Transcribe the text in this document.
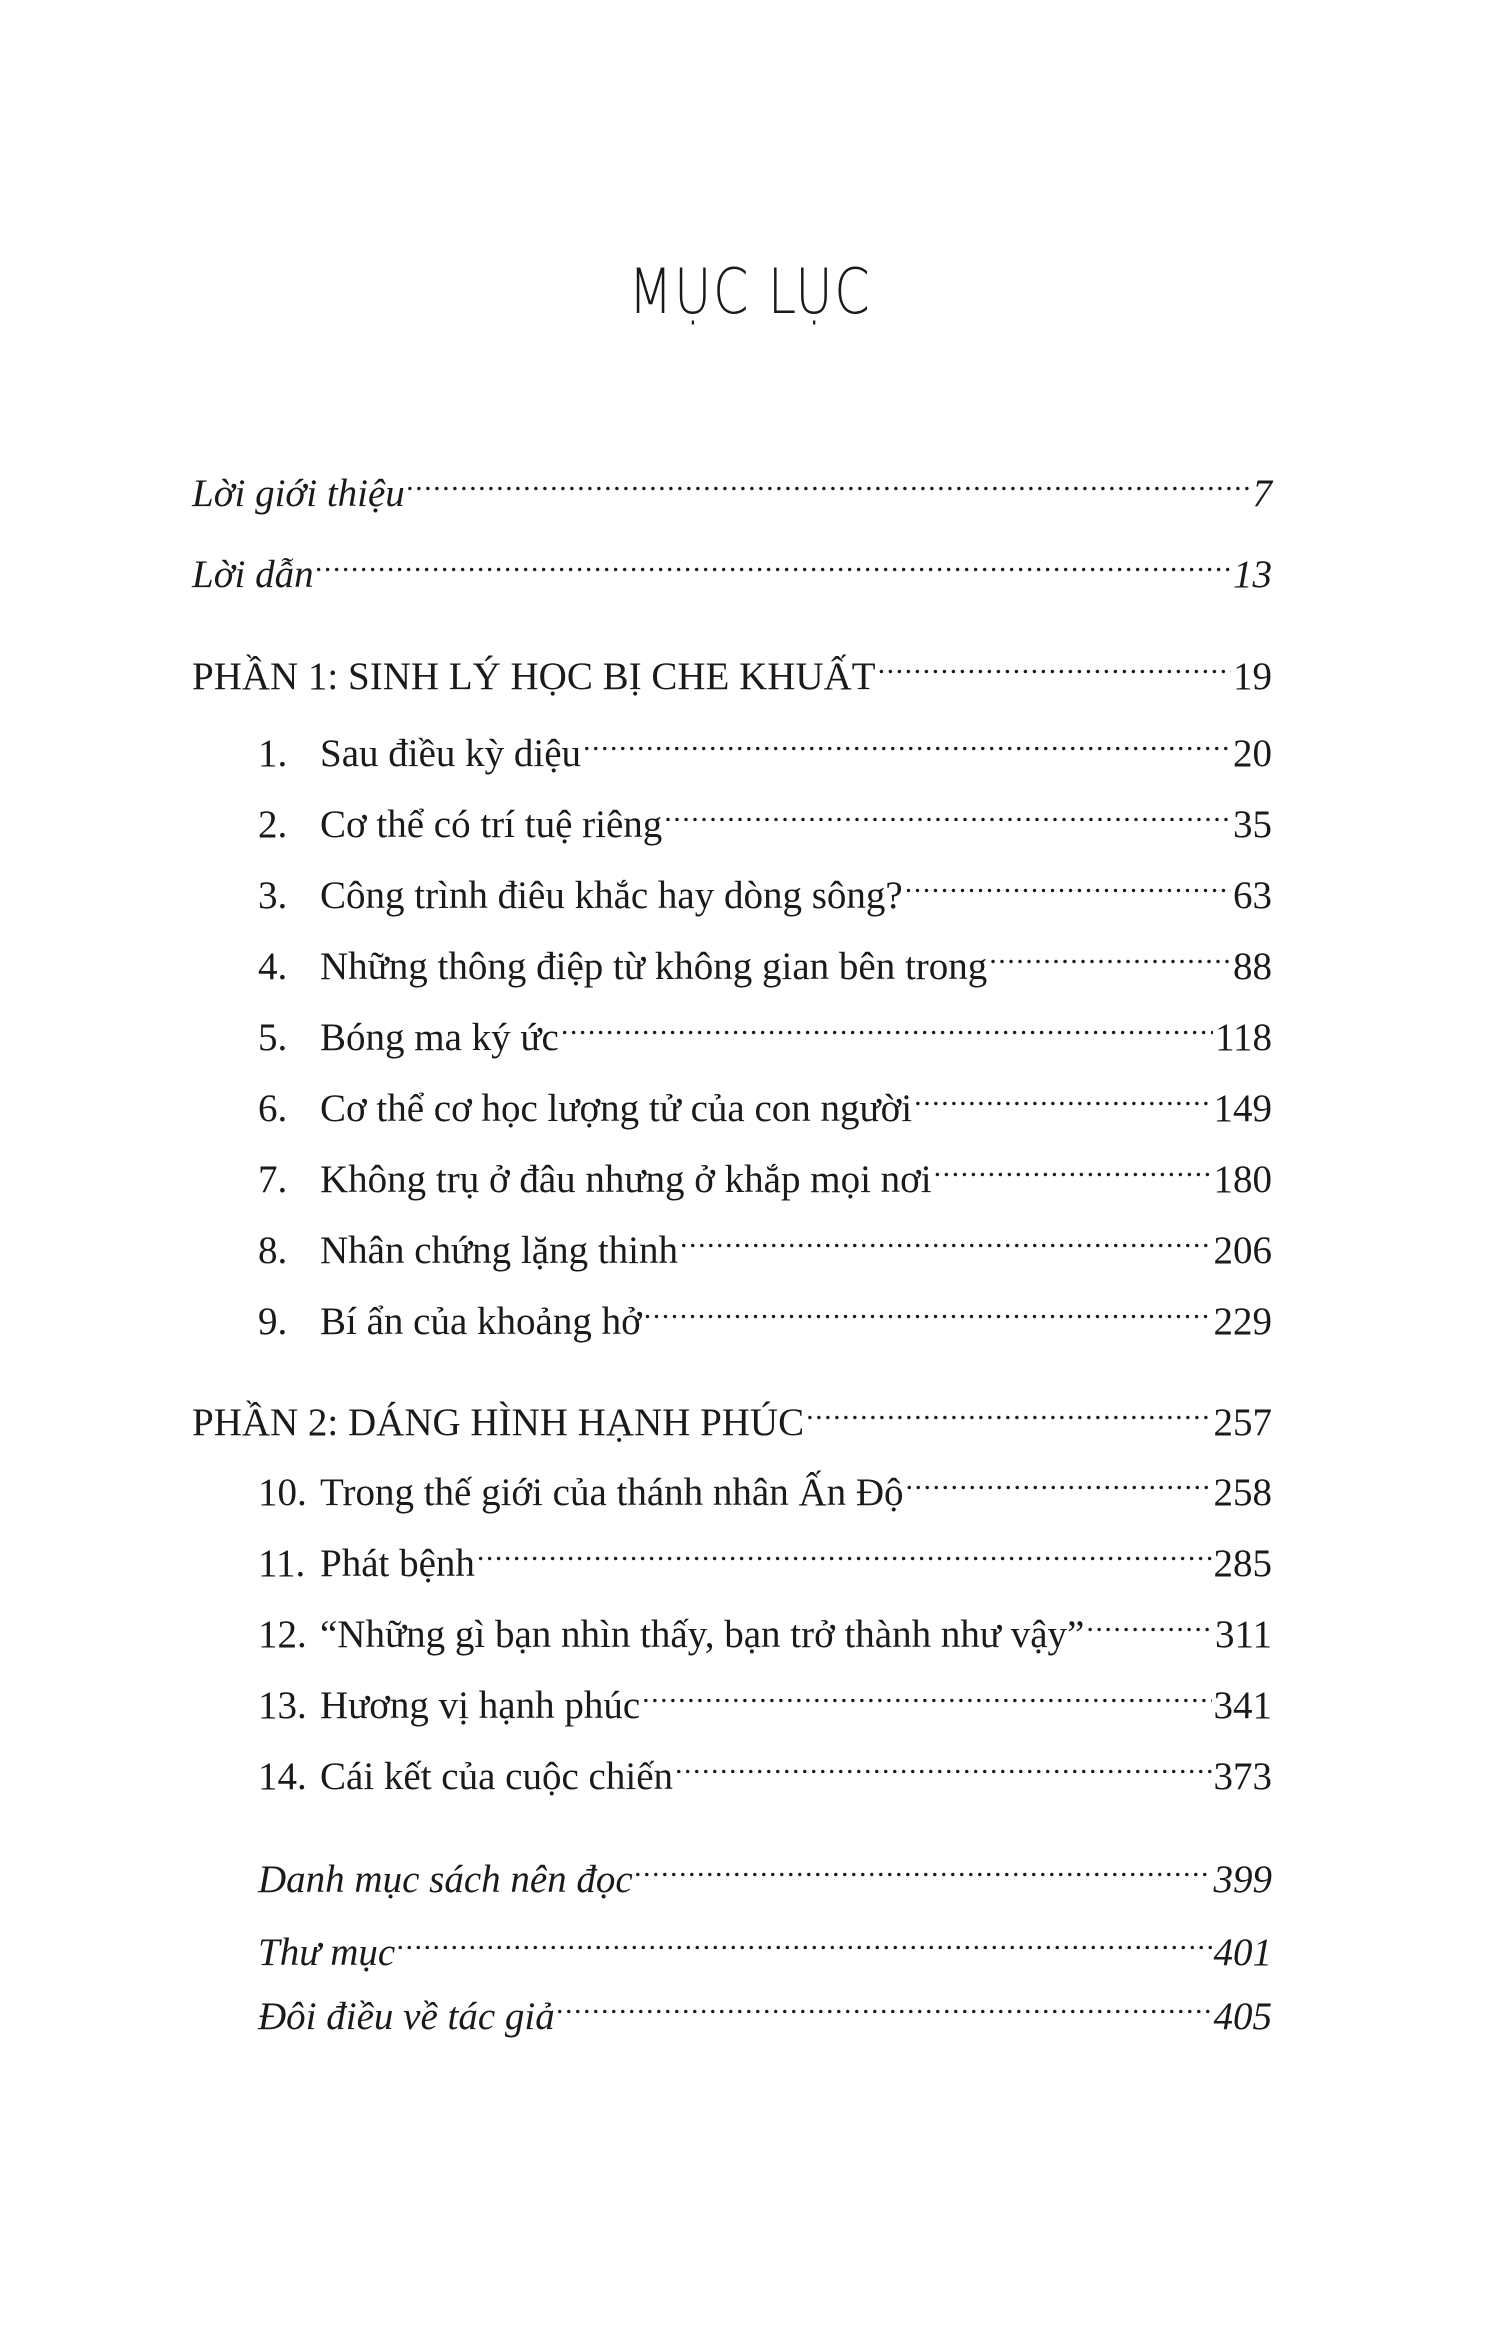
MỤC LỤC
Lời giới thiệu .....	7
Lời dẫn .....	13
PHẦN 1: SINH LÝ HỌC BỊ CHE KHUẤT .....	19
1. Sau điều kỳ diệu .....	20
2. Cơ thể có trí tuệ riêng .....	35
3. Công trình điêu khắc hay dòng sông? .....	63
4. Những thông điệp từ không gian bên trong .....	88
5. Bóng ma ký ức .....	118
6. Cơ thể cơ học lượng tử của con người .....	149
7. Không trụ ở đâu nhưng ở khắp mọi nơi .....	180
8. Nhân chứng lặng thinh .....	206
9. Bí ẩn của khoảng hở .....	229
PHẦN 2: DÁNG HÌNH HẠNH PHÚC .....	257
10. Trong thế giới của thánh nhân Ấn Độ .....	258
11. Phát bệnh .....	285
12. “Những gì bạn nhìn thấy, bạn trở thành như vậy” .....	311
13. Hương vị hạnh phúc .....	341
14. Cái kết của cuộc chiến .....	373
Danh mục sách nên đọc .....	399
Thư mục .....	401
Đôi điều về tác giả .....	405
